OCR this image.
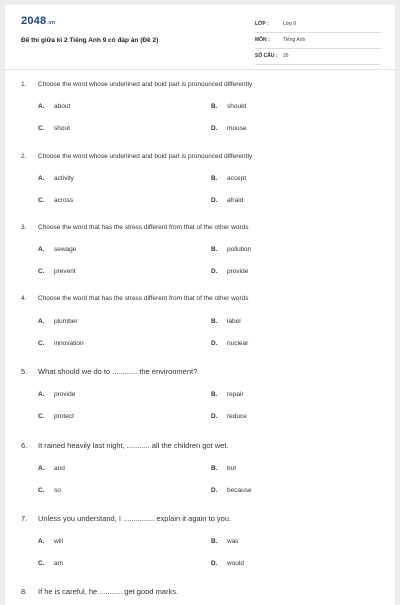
2048.vn
Đề thi giữa kì 2 Tiếng Anh 9 có đáp án (Đề 2)
LỚP :	Lớp 9
MÔN :	Tiếng Anh
SỐ CÂU : 26
1. Choose the word whose underlined and bold part is pronounced differently
A. about	B. should
C. shout	D. mouse
2. Choose the word whose underlined and bold part is pronounced differently
A. activity	B. accept
C. across	D. afraid
3. Choose the word that has the stress different from that of the other words
A. sewage	B. pollution
C. prevent	D. provide
4. Choose the word that has the stress different from that of the other words
A. plumber	B. label
C. innovation	D. nuclear
5. What should we do to ............ the environment?
A. provide	B. repair
C. protect	D. reduce
6. It rained heavily last night, ........... all the children got wet.
A. and	B. but
C. so	D. because
7. Unless you understand, I ............... explain it again to you.
A. will	B. was
C. am	D. would
8. If he is careful, he ........... get good marks.
